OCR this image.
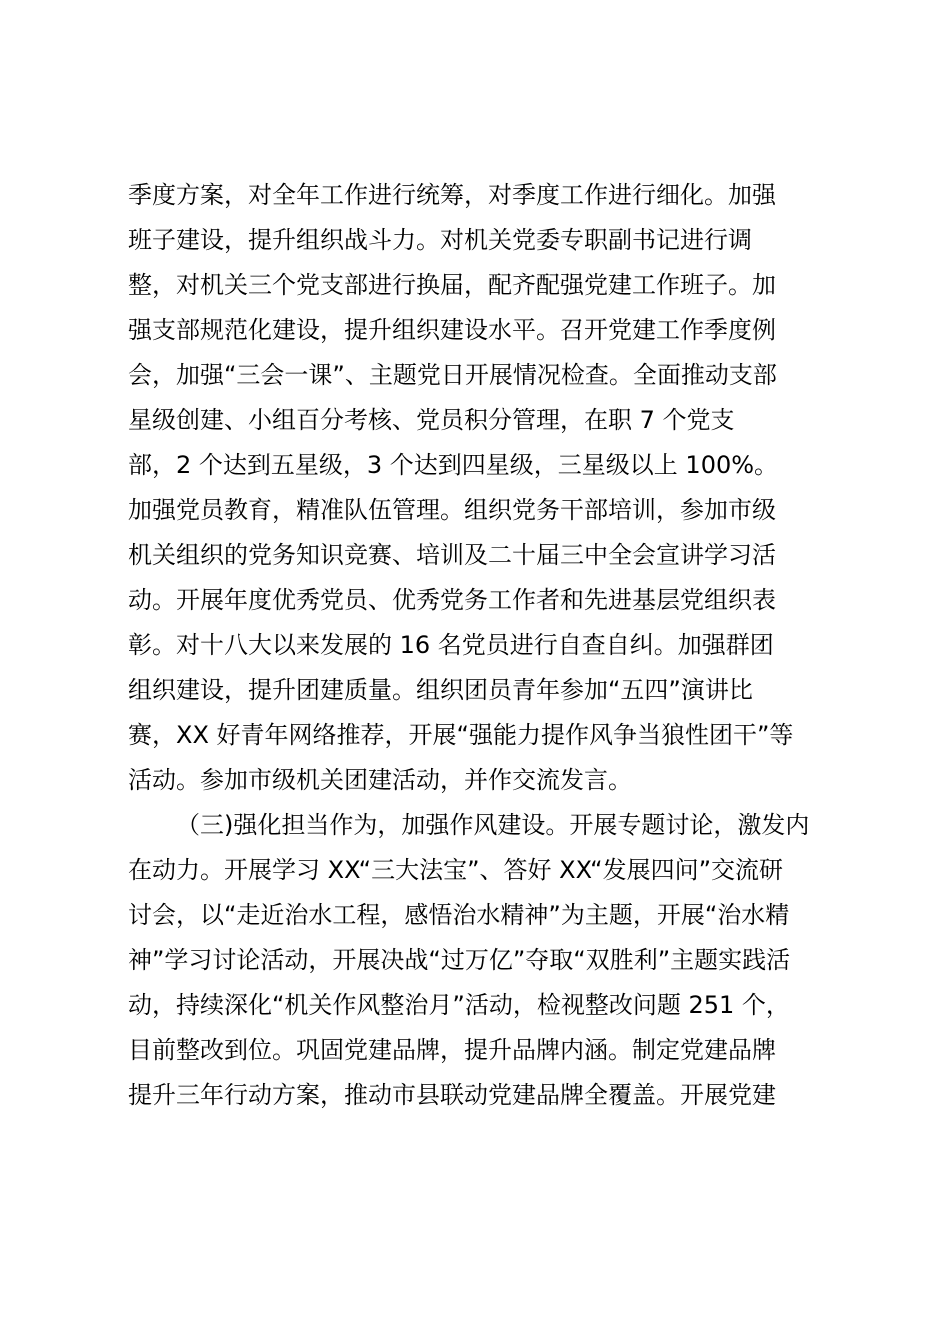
季度方案，对全年工作进行统筹，对季度工作进行细化。加强
班子建设，提升组织战斗力。对机关党委专职副书记进行调
整，对机关三个党支部进行换届，配齐配强党建工作班子。加
强支部规范化建设，提升组织建设水平。召开党建工作季度例
会，加强“三会一课”、主题党日开展情况检查。全面推动支部
星级创建、小组百分考核、党员积分管理，在职 7 个党支
部，2 个达到五星级，3 个达到四星级，三星级以上 100%。
加强党员教育，精准队伍管理。组织党务干部培训，参加市级
机关组织的党务知识竞赛、培训及二十届三中全会宣讲学习活
动。开展年度优秀党员、优秀党务工作者和先进基层党组织表
彰。对十八大以来发展的 16 名党员进行自查自纠。加强群团
组织建设，提升团建质量。组织团员青年参加“五四”演讲比
赛，XX 好青年网络推荐，开展“强能力提作风争当狼性团干”等
活动。参加市级机关团建活动，并作交流发言。
（三)强化担当作为，加强作风建设。开展专题讨论，激发内
在动力。开展学习 XX“三大法宝”、答好 XX“发展四问”交流研
讨会，以“走近治水工程，感悟治水精神”为主题，开展“治水精
神”学习讨论活动，开展决战“过万亿”夺取“双胜利”主题实践活
动，持续深化“机关作风整治月”活动，检视整改问题 251 个，
目前整改到位。巩固党建品牌，提升品牌内涵。制定党建品牌
提升三年行动方案，推动市县联动党建品牌全覆盖。开展党建
